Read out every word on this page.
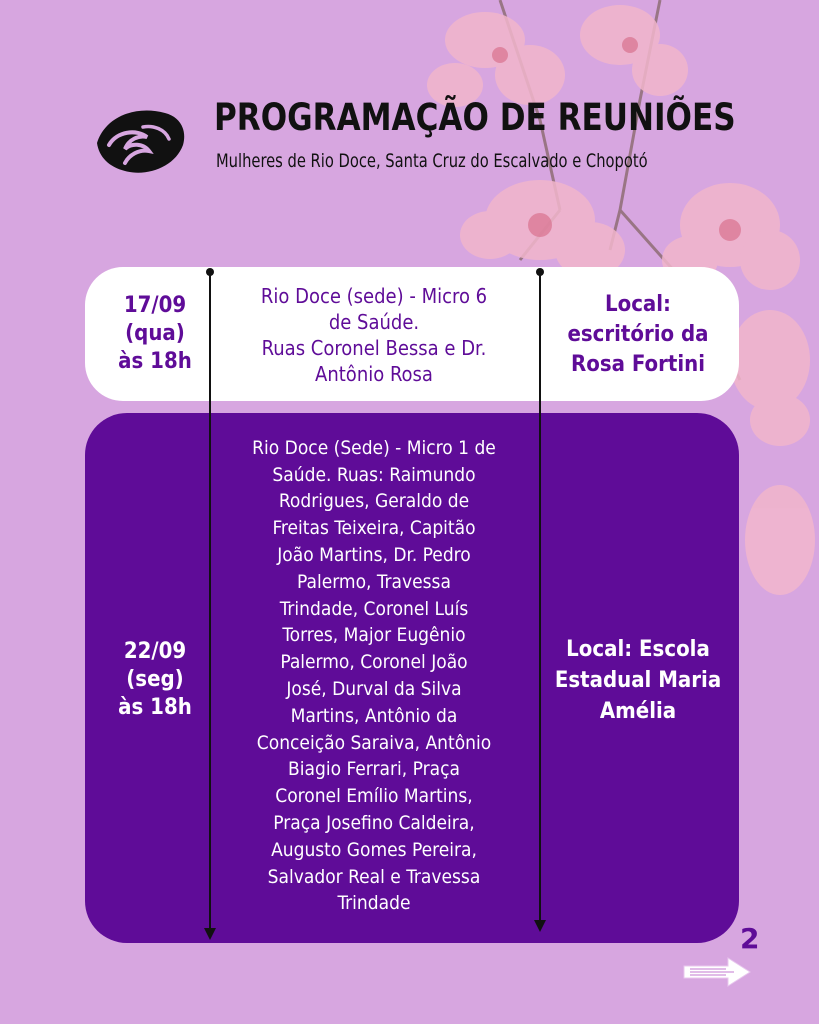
PROGRAMAÇÃO DE REUNIÕES
Mulheres de Rio Doce, Santa Cruz do Escalvado e Chopotó
17/09
(qua)
às 18h
Rio Doce (sede) - Micro 6
de Saúde.
Ruas Coronel Bessa e Dr.
Antônio Rosa
Local:
escritório da
Rosa Fortini
22/09
(seg)
às 18h
Rio Doce (Sede) - Micro 1 de
Saúde. Ruas: Raimundo
Rodrigues, Geraldo de
Freitas Teixeira, Capitão
João Martins, Dr. Pedro
Palermo, Travessa
Trindade, Coronel Luís
Torres, Major Eugênio
Palermo, Coronel João
José, Durval da Silva
Martins, Antônio da
Conceição Saraiva, Antônio
Biagio Ferrari, Praça
Coronel Emílio Martins,
Praça Josefino Caldeira,
Augusto Gomes Pereira,
Salvador Real e Travessa
Trindade
Local: Escola
Estadual Maria
Amélia
2
